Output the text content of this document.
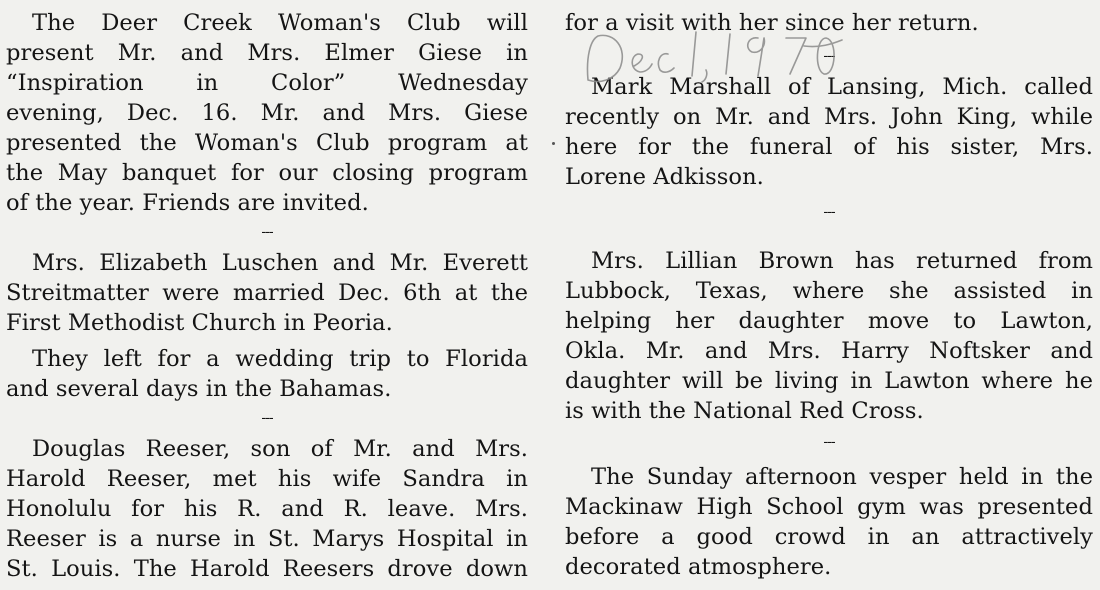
The Deer Creek Woman's Club will
present Mr. and Mrs. Elmer Giese in
“Inspiration in Color” Wednesday
evening, Dec. 16. Mr. and Mrs. Giese
presented the Woman's Club program at
the May banquet for our closing program
of the year. Friends are invited.

---

Mrs. Elizabeth Luschen and Mr. Everett
Streitmatter were married Dec. 6th at the
First Methodist Church in Peoria.

They left for a wedding trip to Florida
and several days in the Bahamas.

---

Douglas Reeser, son of Mr. and Mrs.
Harold Reeser, met his wife Sandra in
Honolulu for his R. and R. leave. Mrs.
Reeser is a nurse in St. Marys Hospital in
St. Louis. The Harold Reesers drove down

for a visit with her since her return.

---

Mark Marshall of Lansing, Mich. called
recently on Mr. and Mrs. John King, while
here for the funeral of his sister, Mrs.
Lorene Adkisson.

---

Mrs. Lillian Brown has returned from
Lubbock, Texas, where she assisted in
helping her daughter move to Lawton,
Okla. Mr. and Mrs. Harry Noftsker and
daughter will be living in Lawton where he
is with the National Red Cross.

---

The Sunday afternoon vesper held in the
Mackinaw High School gym was presented
before a good crowd in an attractively
decorated atmosphere.
